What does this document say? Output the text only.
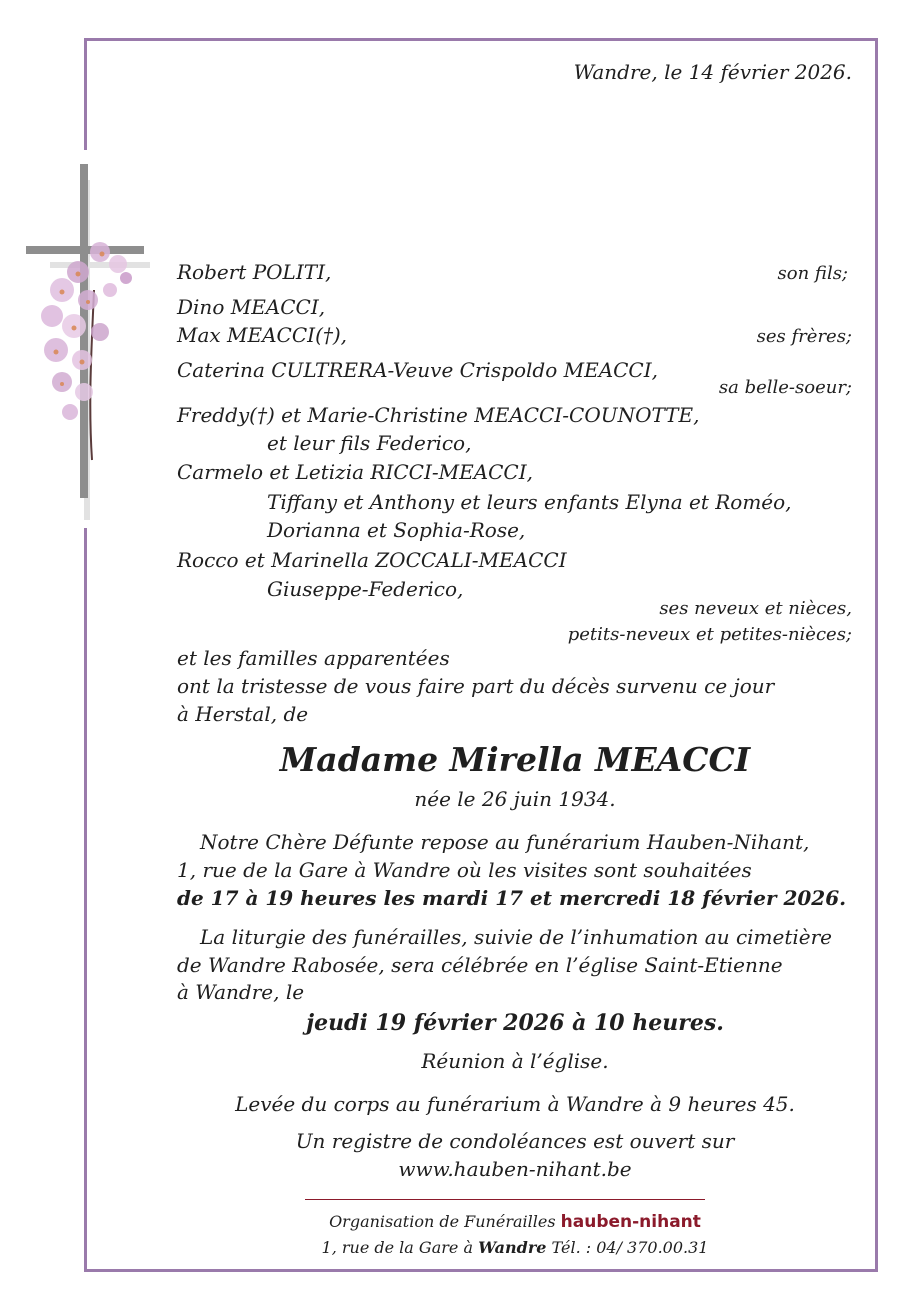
Wandre, le 14 février 2026.
Robert POLITI,	son fils;
Dino MEACCI,
Max MEACCI(†),	ses frères;
Caterina CULTRERA-Veuve Crispoldo MEACCI,
sa belle-soeur;
Freddy(†) et Marie-Christine MEACCI-COUNOTTE,
et leur fils Federico,
Carmelo et Letizia RICCI-MEACCI,
Tiffany et Anthony et leurs enfants Elyna et Roméo,
Dorianna et Sophia-Rose,
Rocco et Marinella ZOCCALI-MEACCI
Giuseppe-Federico,
ses neveux et nièces,
petits-neveux et petites-nièces;
et les familles apparentées
ont la tristesse de vous faire part du décès survenu ce jour
à Herstal, de
Madame Mirella MEACCI
née le 26 juin 1934.
Notre Chère Défunte repose au funérarium Hauben-Nihant,
1, rue de la Gare à Wandre où les visites sont souhaitées
de 17 à 19 heures les mardi 17 et mercredi 18 février 2026.
La liturgie des funérailles, suivie de l’inhumation au cimetière
de Wandre Rabosée, sera célébrée en l’église Saint-Etienne
à Wandre, le
jeudi 19 février 2026 à 10 heures.
Réunion à l’église.
Levée du corps au funérarium à Wandre à 9 heures 45.
Un registre de condoléances est ouvert sur
www.hauben-nihant.be
Organisation de Funérailles hauben-nihant
1, rue de la Gare à Wandre Tél. : 04/ 370.00.31
